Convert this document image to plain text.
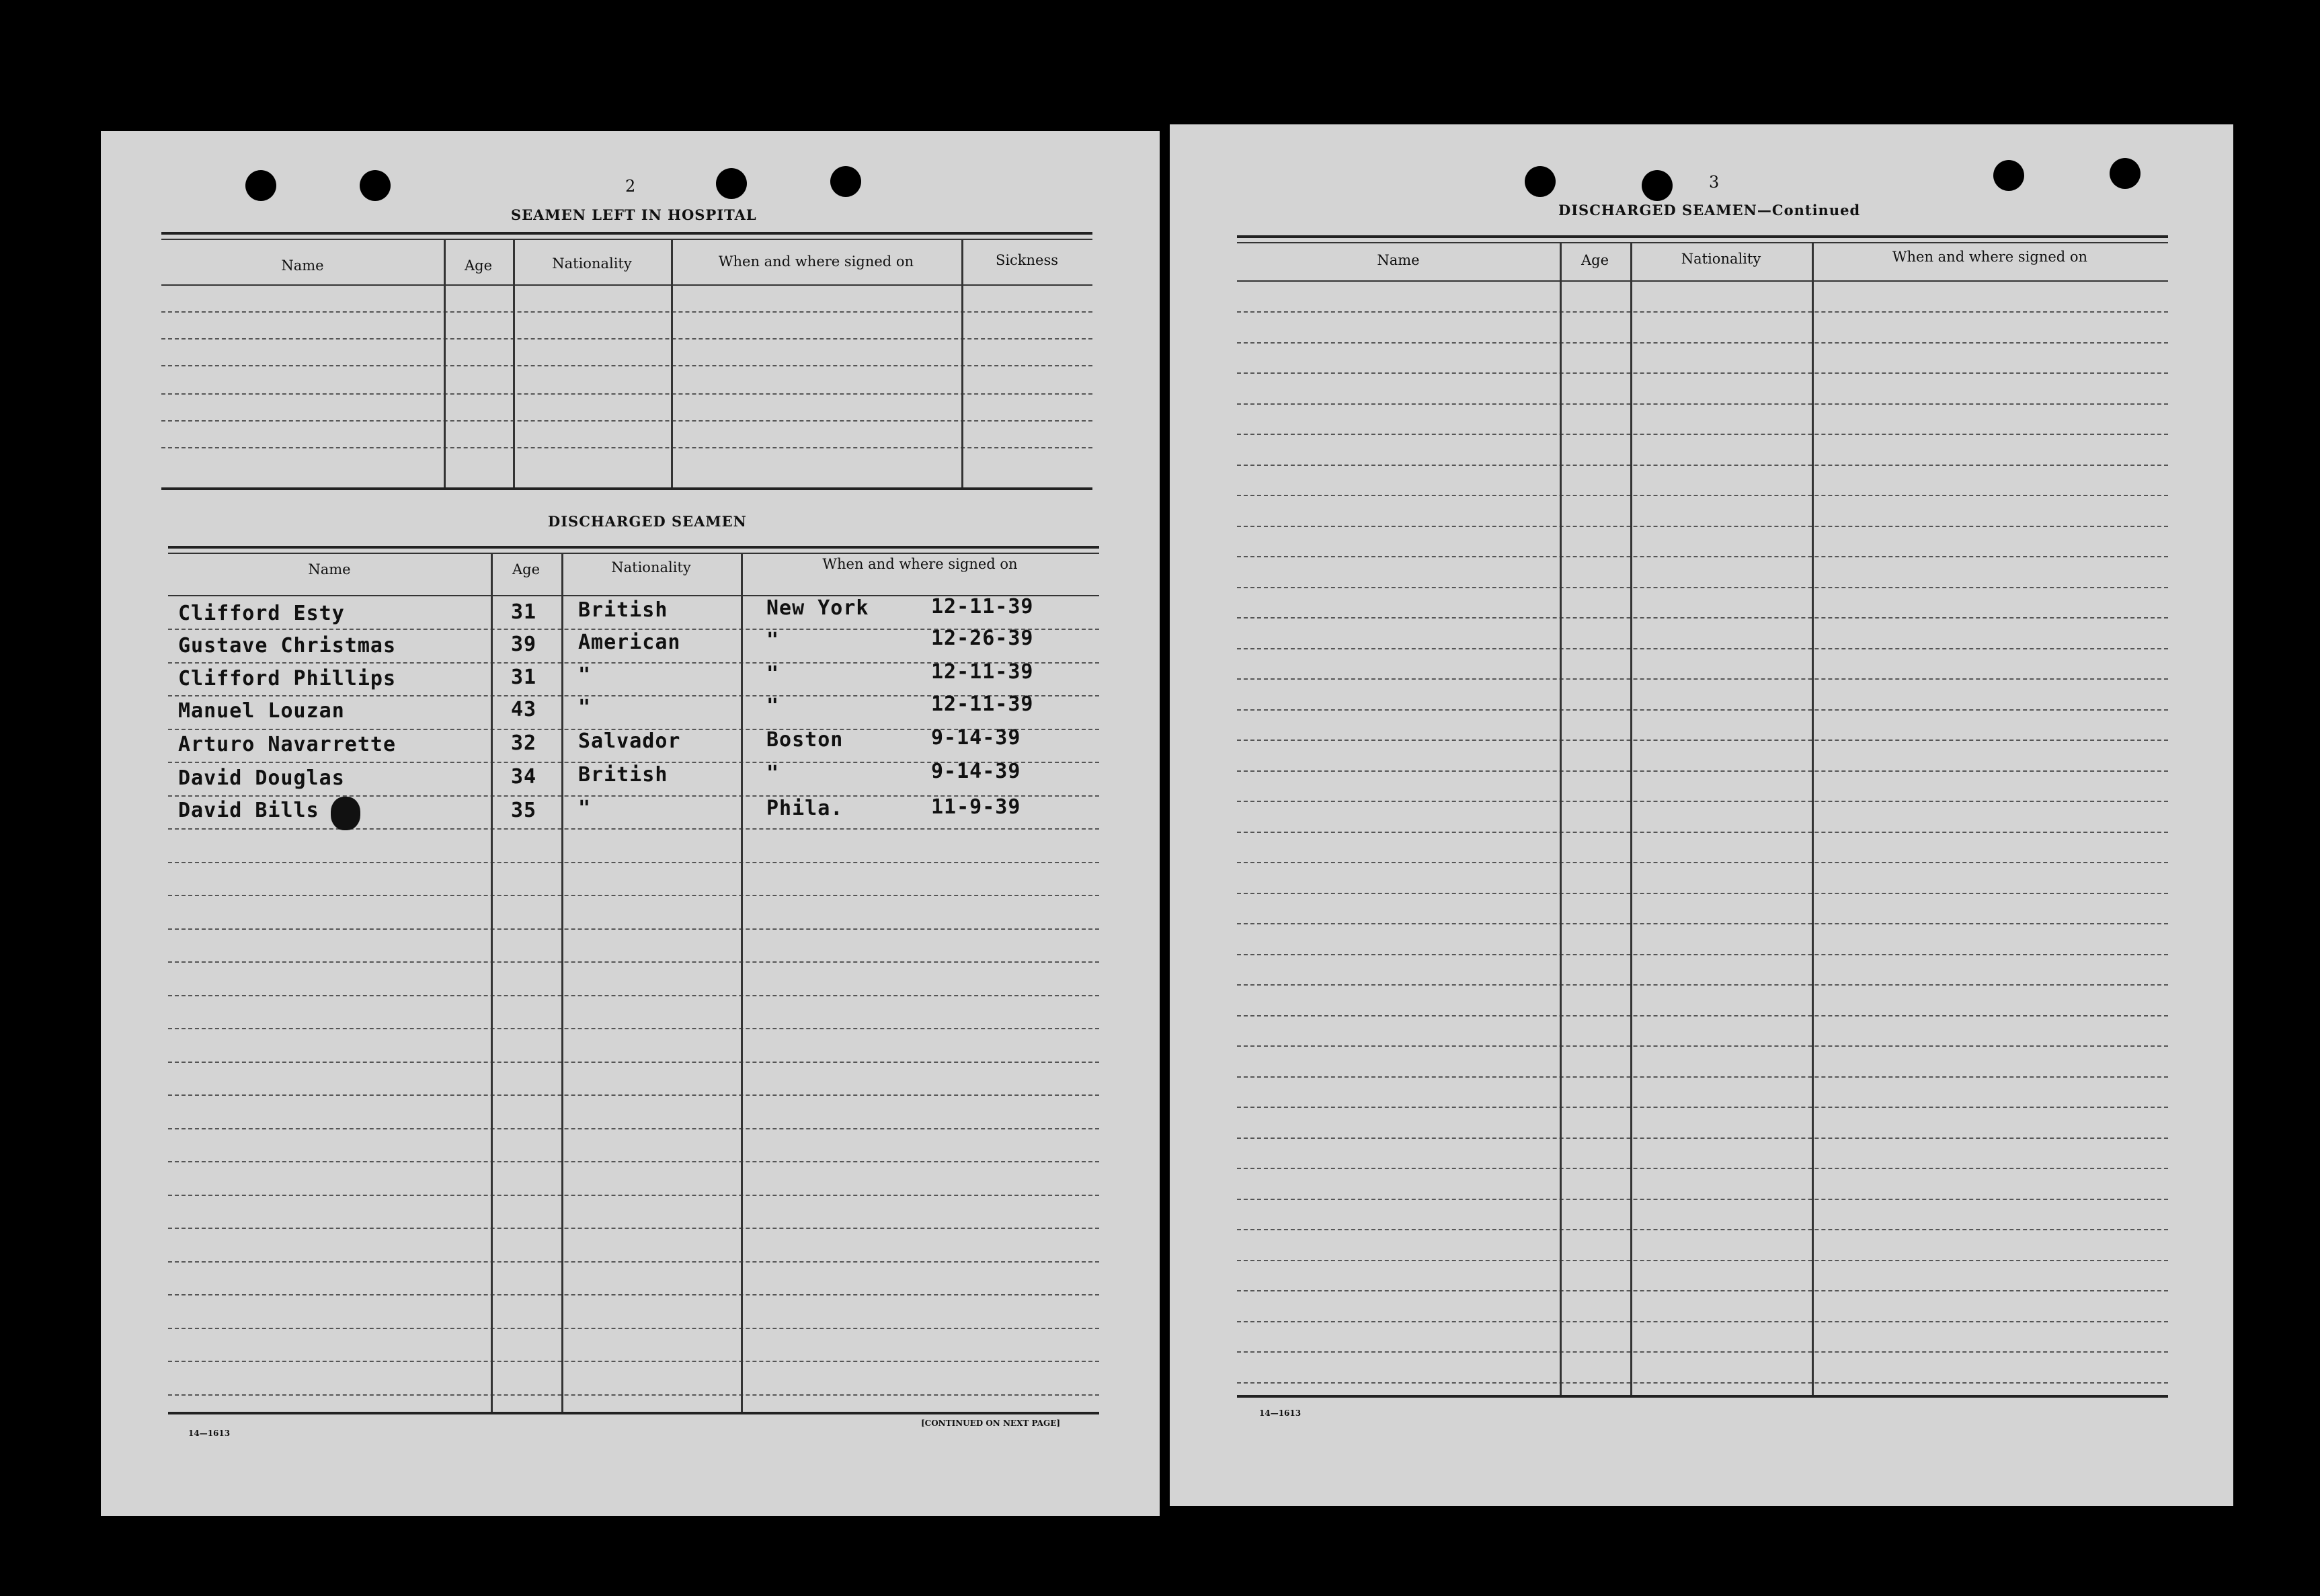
2
SEAMEN LEFT IN HOSPITAL
Name	Age	Nationality	When and where signed on	Sickness
DISCHARGED SEAMEN
Name	Age	Nationality	When and where signed on
Clifford Esty	31 British	New York	12-11-39
Gustave Christmas	39 American	"	12-26-39
Clifford Phillips	31 "	"	12-11-39
Manuel Louzan	43 "	"	12-11-39
Arturo Navarrette	32 Salvador	Boston	9-14-39
David Douglas	34 British	"	9-14-39
David Bills	35 "	Phila.	11-9-39
14—1613
[CONTINUED ON NEXT PAGE]
3
DISCHARGED SEAMEN—Continued
Name	Age	Nationality	When and where signed on
14—1613
